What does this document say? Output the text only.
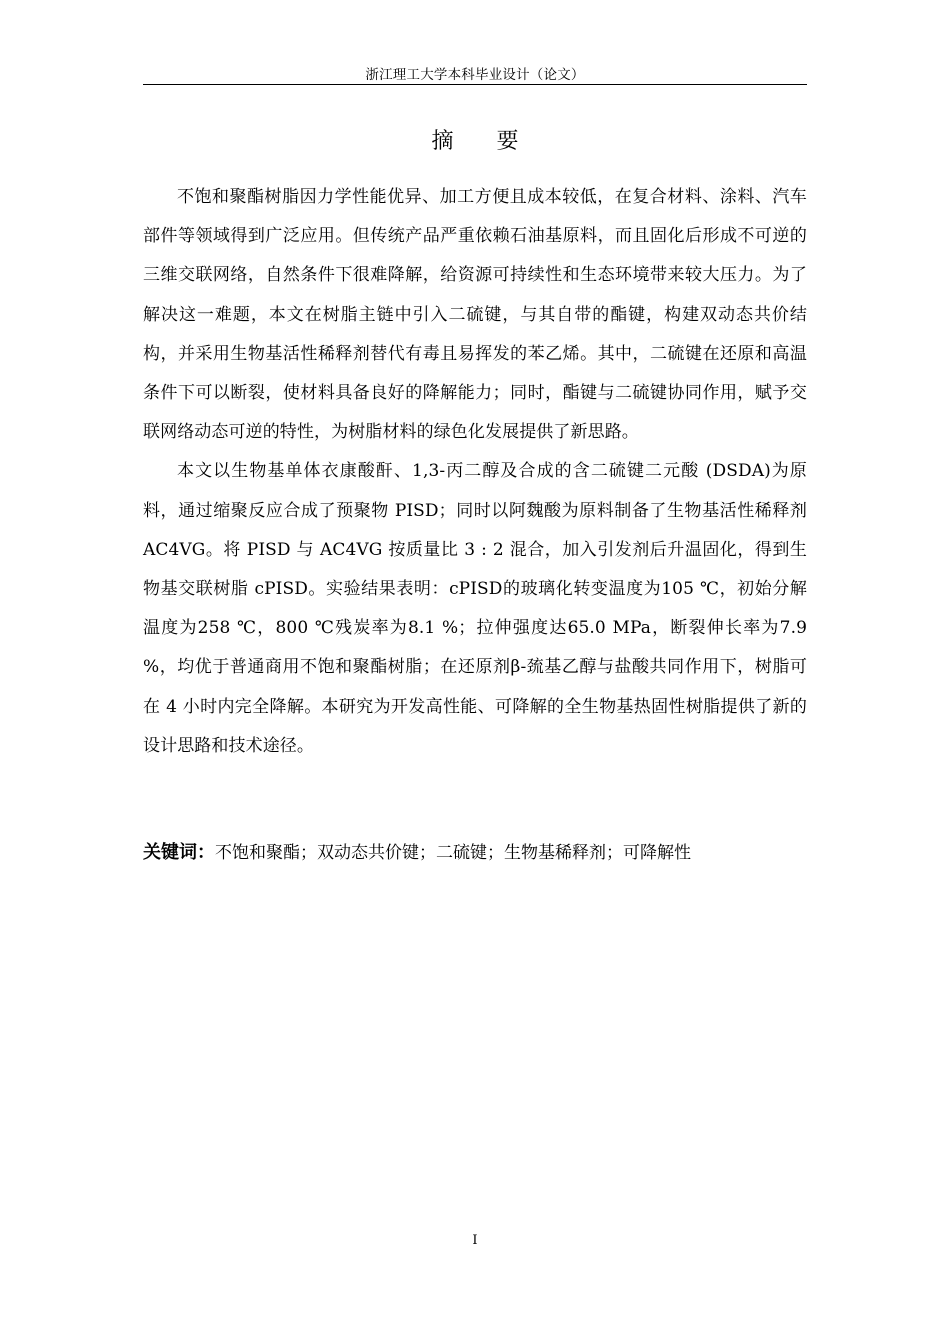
浙江理工大学本科毕业设计（论文）
摘 要

不饱和聚酯树脂因力学性能优异、加工方便且成本较低，在复合材料、涂料、汽车部件等领域得到广泛应用。但传统产品严重依赖石油基原料，而且固化后形成不可逆的三维交联网络，自然条件下很难降解，给资源可持续性和生态环境带来较大压力。为了解决这一难题，本文在树脂主链中引入二硫键，与其自带的酯键，构建双动态共价结构，并采用生物基活性稀释剂替代有毒且易挥发的苯乙烯。其中，二硫键在还原和高温条件下可以断裂，使材料具备良好的降解能力；同时，酯键与二硫键协同作用，赋予交联网络动态可逆的特性，为树脂材料的绿色化发展提供了新思路。

本文以生物基单体衣康酸酐、1,3-丙二醇及合成的含二硫键二元酸 (DSDA)为原料，通过缩聚反应合成了预聚物 PISD；同时以阿魏酸为原料制备了生物基活性稀释剂 AC4VG。将 PISD 与 AC4VG 按质量比 3 : 2 混合，加入引发剂后升温固化，得到生物基交联树脂 cPISD。实验结果表明：cPISD的玻璃化转变温度为105 ℃，初始分解温度为258 ℃，800 ℃残炭率为8.1 %；拉伸强度达65.0 MPa，断裂伸长率为7.9 %，均优于普通商用不饱和聚酯树脂；在还原剂β-巯基乙醇与盐酸共同作用下，树脂可在 4 小时内完全降解。本研究为开发高性能、可降解的全生物基热固性树脂提供了新的设计思路和技术途径。

关键词：不饱和聚酯；双动态共价键；二硫键；生物基稀释剂；可降解性
I
